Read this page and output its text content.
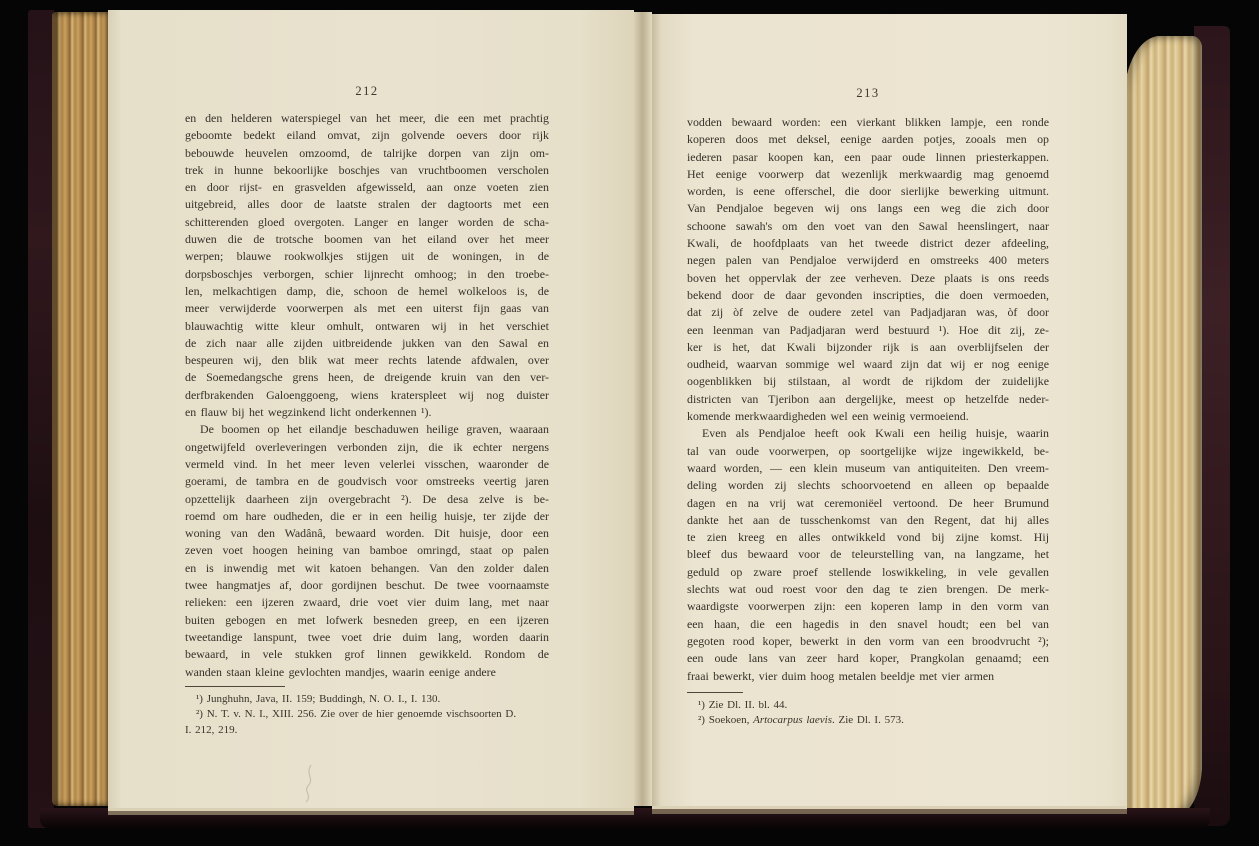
212
en den helderen waterspiegel van het meer, die een met prachtig
geboomte bedekt eiland omvat, zijn golvende oevers door rijk
bebouwde heuvelen omzoomd, de talrijke dorpen van zijn om-
trek in hunne bekoorlijke boschjes van vruchtboomen verscholen
en door rijst- en grasvelden afgewisseld, aan onze voeten zien
uitgebreid, alles door de laatste stralen der dagtoorts met een
schitterenden gloed overgoten. Langer en langer worden de scha-
duwen die de trotsche boomen van het eiland over het meer
werpen; blauwe rookwolkjes stijgen uit de woningen, in de
dorpsboschjes verborgen, schier lijnrecht omhoog; in den troebe-
len, melkachtigen damp, die, schoon de hemel wolkeloos is, de
meer verwijderde voorwerpen als met een uiterst fijn gaas van
blauwachtig witte kleur omhult, ontwaren wij in het verschiet
de zich naar alle zijden uitbreidende jukken van den Sawal en
bespeuren wij, den blik wat meer rechts latende afdwalen, over
de Soemedangsche grens heen, de dreigende kruin van den ver-
derfbrakenden Galoenggoeng, wiens kraterspleet wij nog duister
en flauw bij het wegzinkend licht onderkennen ¹).
De boomen op het eilandje beschaduwen heilige graven, waaraan
ongetwijfeld overleveringen verbonden zijn, die ik echter nergens
vermeld vind. In het meer leven velerlei visschen, waaronder de
goerami, de tambra en de goudvisch voor omstreeks veertig jaren
opzettelijk daarheen zijn overgebracht ²). De desa zelve is be-
roemd om hare oudheden, die er in een heilig huisje, ter zijde der
woning van den Wadânâ, bewaard worden. Dit huisje, door een
zeven voet hoogen heining van bamboe omringd, staat op palen
en is inwendig met wit katoen behangen. Van den zolder dalen
twee hangmatjes af, door gordijnen beschut. De twee voornaamste
relieken: een ijzeren zwaard, drie voet vier duim lang, met naar
buiten gebogen en met lofwerk besneden greep, en een ijzeren
tweetandige lanspunt, twee voet drie duim lang, worden daarin
bewaard, in vele stukken grof linnen gewikkeld. Rondom de
wanden staan kleine gevlochten mandjes, waarin eenige andere
¹) Junghuhn, Java, II. 159; Buddingh, N. O. I., I. 130.
²) N. T. v. N. I., XIII. 256. Zie over de hier genoemde vischsoorten D.
I. 212, 219.
213
vodden bewaard worden: een vierkant blikken lampje, een ronde
koperen doos met deksel, eenige aarden potjes, zooals men op
iederen pasar koopen kan, een paar oude linnen priesterkappen.
Het eenige voorwerp dat wezenlijk merkwaardig mag genoemd
worden, is eene offerschel, die door sierlijke bewerking uitmunt.
Van Pendjaloe begeven wij ons langs een weg die zich door
schoone sawah's om den voet van den Sawal heenslingert, naar
Kwali, de hoofdplaats van het tweede district dezer afdeeling,
negen palen van Pendjaloe verwijderd en omstreeks 400 meters
boven het oppervlak der zee verheven. Deze plaats is ons reeds
bekend door de daar gevonden inscripties, die doen vermoeden,
dat zij òf zelve de oudere zetel van Padjadjaran was, òf door
een leenman van Padjadjaran werd bestuurd ¹). Hoe dit zij, ze-
ker is het, dat Kwali bijzonder rijk is aan overblijfselen der
oudheid, waarvan sommige wel waard zijn dat wij er nog eenige
oogenblikken bij stilstaan, al wordt de rijkdom der zuidelijke
districten van Tjeribon aan dergelijke, meest op hetzelfde neder-
komende merkwaardigheden wel een weinig vermoeiend.
Even als Pendjaloe heeft ook Kwali een heilig huisje, waarin
tal van oude voorwerpen, op soortgelijke wijze ingewikkeld, be-
waard worden, — een klein museum van antiquiteiten. Den vreem-
deling worden zij slechts schoorvoetend en alleen op bepaalde
dagen en na vrij wat ceremoniëel vertoond. De heer Brumund
dankte het aan de tusschenkomst van den Regent, dat hij alles
te zien kreeg en alles ontwikkeld vond bij zijne komst. Hij
bleef dus bewaard voor de teleurstelling van, na langzame, het
geduld op zware proef stellende loswikkeling, in vele gevallen
slechts wat oud roest voor den dag te zien brengen. De merk-
waardigste voorwerpen zijn: een koperen lamp in den vorm van
een haan, die een hagedis in den snavel houdt; een bel van
gegoten rood koper, bewerkt in den vorm van een broodvrucht ²);
een oude lans van zeer hard koper, Prangkolan genaamd; een
fraai bewerkt, vier duim hoog metalen beeldje met vier armen
¹) Zie Dl. II. bl. 44.
²) Soekoen, Artocarpus laevis. Zie Dl. I. 573.
